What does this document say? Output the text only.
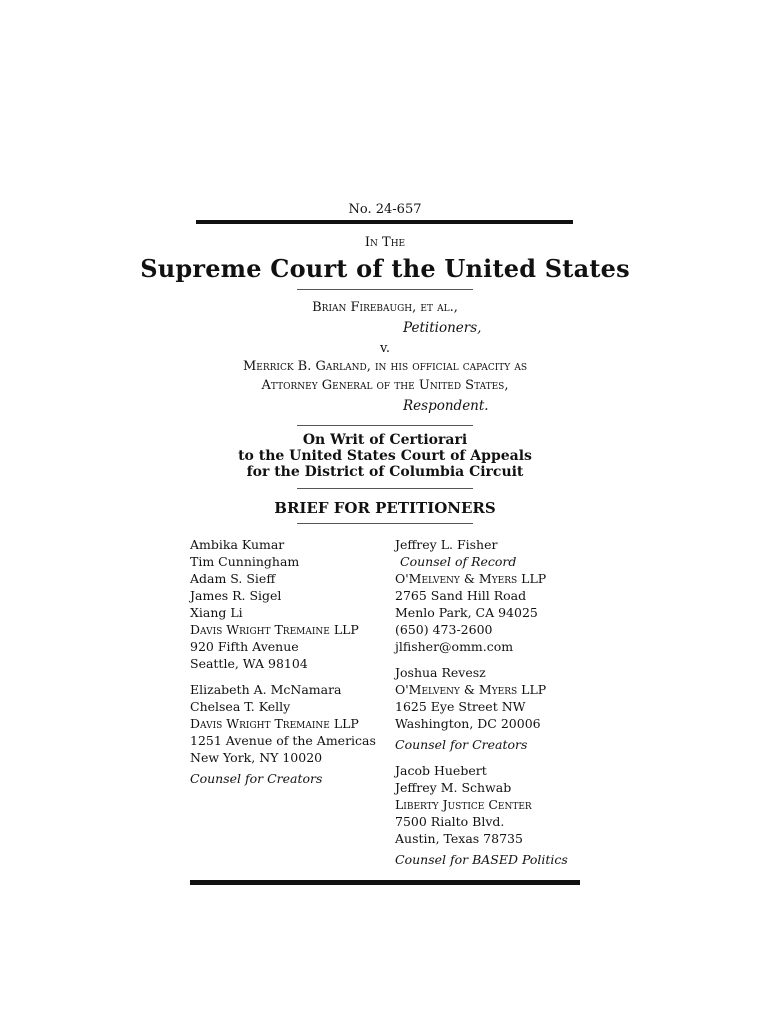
No. 24-657
In The
Supreme Court of the United States
Brian Firebaugh, et al.,
Petitioners,
v.
Merrick B. Garland, in his official capacity as
Attorney General of the United States,
Respondent.
On Writ of Certiorari
to the United States Court of Appeals
for the District of Columbia Circuit
BRIEF FOR PETITIONERS
Ambika Kumar
Tim Cunningham
Adam S. Sieff
James R. Sigel
Xiang Li
Davis Wright Tremaine LLP
920 Fifth Avenue
Seattle, WA 98104
Elizabeth A. McNamara
Chelsea T. Kelly
Davis Wright Tremaine LLP
1251 Avenue of the Americas
New York, NY 10020
Counsel for Creators
Jeffrey L. Fisher
Counsel of Record
O'Melveny & Myers LLP
2765 Sand Hill Road
Menlo Park, CA 94025
(650) 473-2600
jlfisher@omm.com
Joshua Revesz
O'Melveny & Myers LLP
1625 Eye Street NW
Washington, DC 20006
Counsel for Creators
Jacob Huebert
Jeffrey M. Schwab
Liberty Justice Center
7500 Rialto Blvd.
Austin, Texas 78735
Counsel for BASED Politics
